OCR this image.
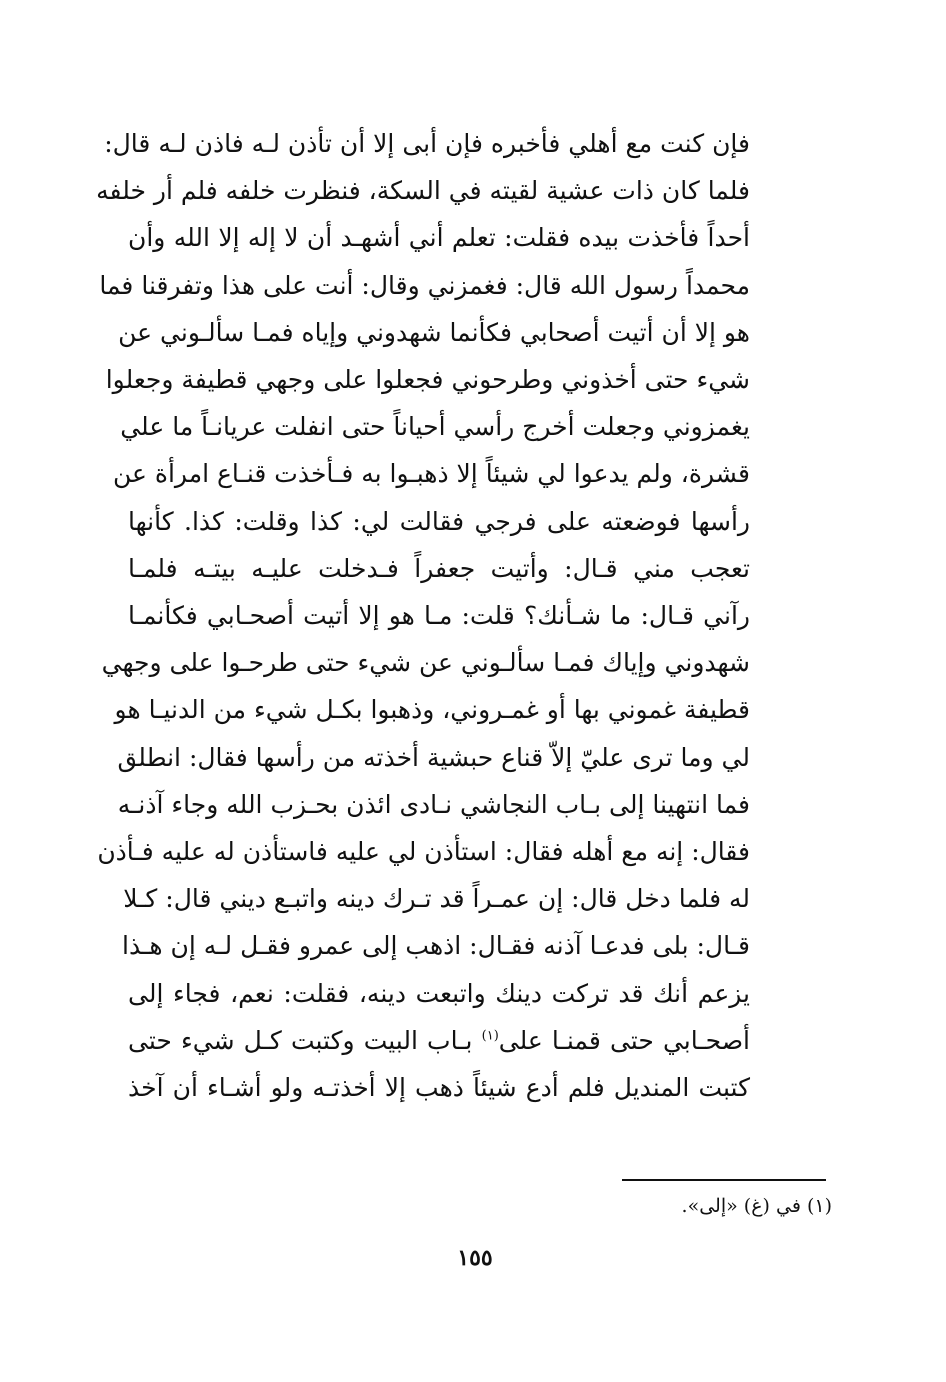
فإن كنت مع أهلي فأخبره فإن أبى إلا أن تأذن لـه فاذن لـه قال:
فلما كان ذات عشية لقيته في السكة، فنظرت خلفه فلم أر خلفه
أحداً فأخذت بيده فقلت: تعلم أني أشهـد أن لا إله إلا الله وأن
محمداً رسول الله قال: فغمزني وقال: أنت على هذا وتفرقنا فما
هو إلا أن أتيت أصحابي فكأنما شهدوني وإياه فمـا سألـوني عن
شيء حتى أخذوني وطرحوني فجعلوا على وجهي قطيفة وجعلوا
يغمزوني وجعلت أخرج رأسي أحياناً حتى انفلت عريانـاً ما علي
قشرة، ولم يدعوا لي شيئاً إلا ذهبـوا به فـأخذت قنـاع امرأة عن
رأسها فوضعته على فرجي فقالت لي: كذا وقلت: كذا. كأنها
تعجب مني قـال: وأتيت جعفراً فـدخلت عليـه بيتـه فلمـا
رآني قـال: ما شـأنك؟ قلت: مـا هو إلا أتيت أصحـابي فكأنمـا
شهدوني وإياك فمـا سألـوني عن شيء حتى طرحـوا على وجهي
قطيفة غموني بها أو غمـروني، وذهبوا بكـل شيء من الدنيـا هو
لي وما ترى عليّ إلاّ قناع حبشية أخذته من رأسها فقال: انطلق
فما انتهينا إلى بـاب النجاشي نـادى ائذن بحـزب الله وجاء آذنـه
فقال: إنه مع أهله فقال: استأذن لي عليه فاستأذن له عليه فـأذن
له فلما دخل قال: إن عمـراً قد تـرك دينه واتبـع ديني قال: كـلا
قـال: بلى فدعـا آذنه فقـال: اذهب إلى عمرو فقـل لـه إن هـذا
يزعم أنك قد تركت دينك واتبعت دينه، فقلت: نعم، فجاء إلى
أصحـابي حتى قمنـا على$^{(١)}$ بـاب البيت وكتبت كـل شيء حتى
كتبت المنديل فلم أدع شيئاً ذهب إلا أخذتـه ولو أشـاء أن آخذ
(١) في (غ) «إلى».
١٥٥
